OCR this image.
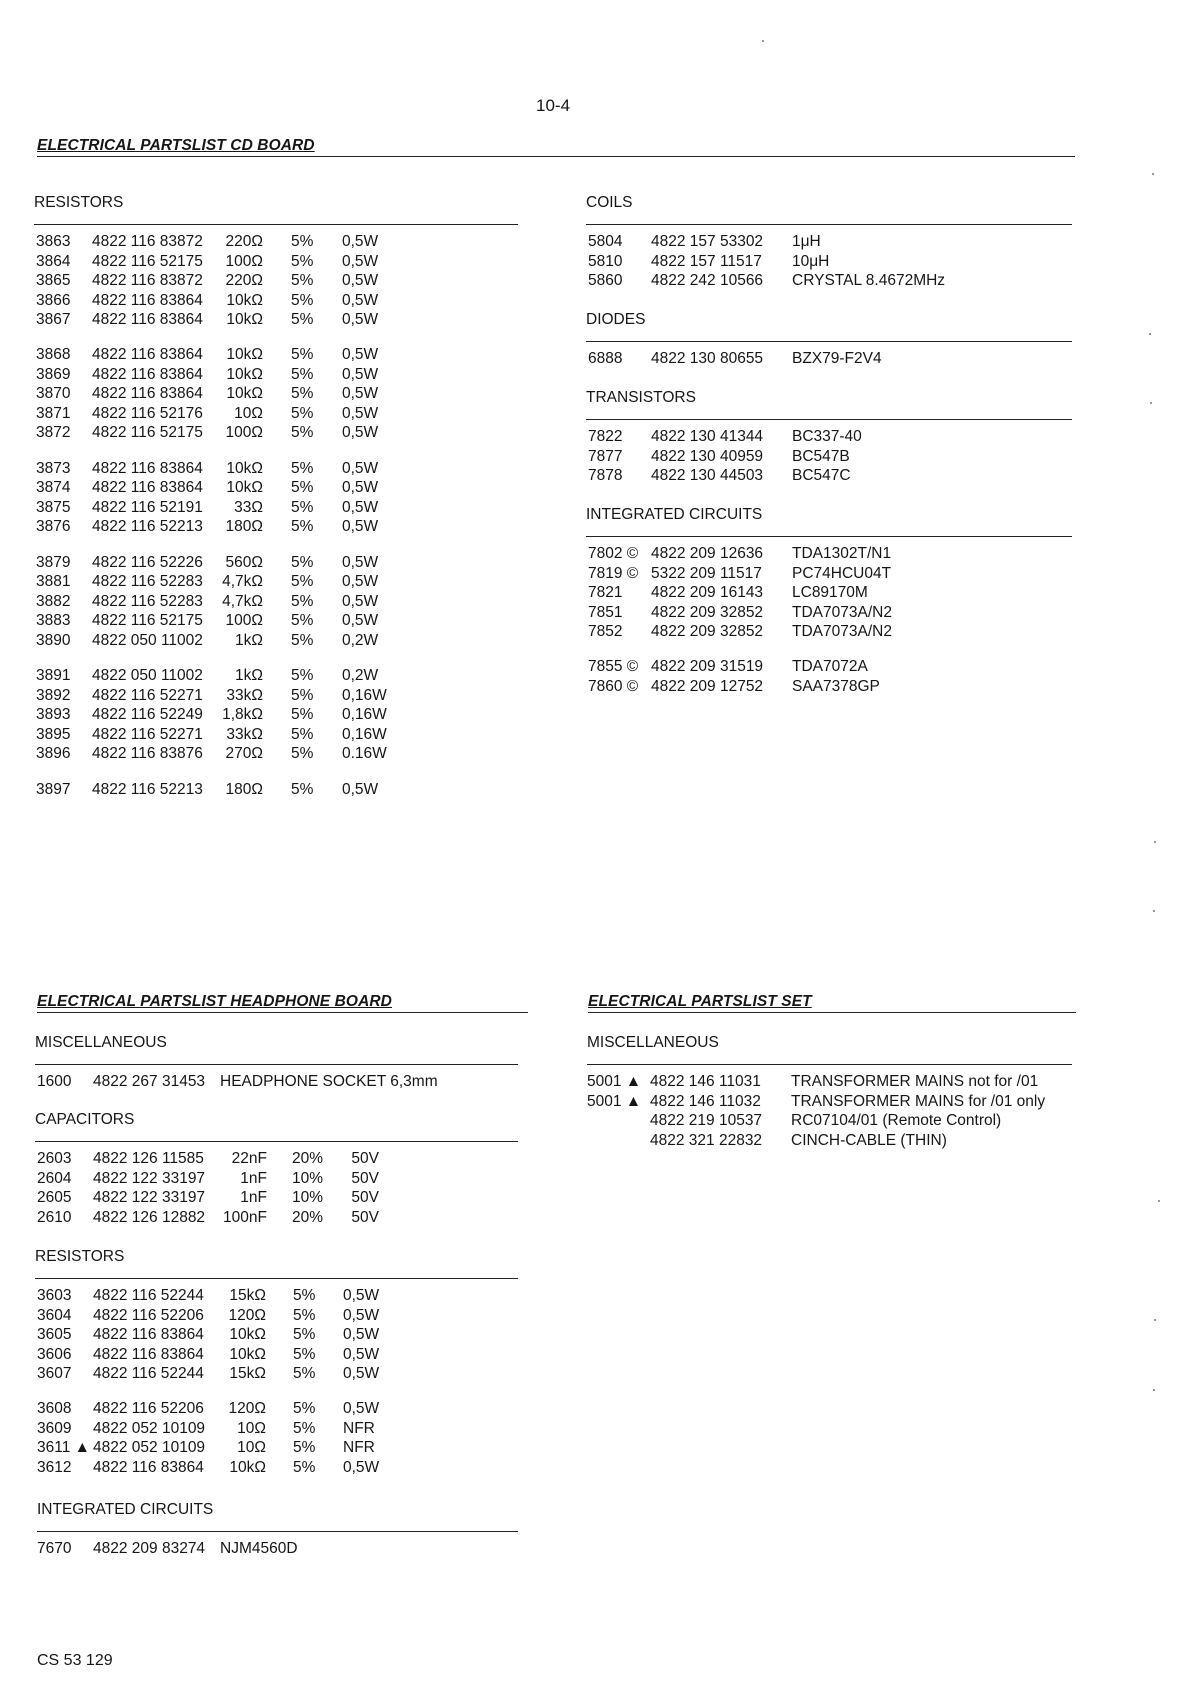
10-4
ELECTRICAL PARTSLIST CD BOARD
RESISTORS
3863 4822 116 83872 220Ω 5% 0,5W
3864 4822 116 52175 100Ω 5% 0,5W
3865 4822 116 83872 220Ω 5% 0,5W
3866 4822 116 83864 10kΩ 5% 0,5W
3867 4822 116 83864 10kΩ 5% 0,5W
3868 4822 116 83864 10kΩ 5% 0,5W
3869 4822 116 83864 10kΩ 5% 0,5W
3870 4822 116 83864 10kΩ 5% 0,5W
3871 4822 116 52176 10Ω 5% 0,5W
3872 4822 116 52175 100Ω 5% 0,5W
3873 4822 116 83864 10kΩ 5% 0,5W
3874 4822 116 83864 10kΩ 5% 0,5W
3875 4822 116 52191 33Ω 5% 0,5W
3876 4822 116 52213 180Ω 5% 0,5W
3879 4822 116 52226 560Ω 5% 0,5W
3881 4822 116 52283 4,7kΩ 5% 0,5W
3882 4822 116 52283 4,7kΩ 5% 0,5W
3883 4822 116 52175 100Ω 5% 0,5W
3890 4822 050 11002 1kΩ 5% 0,2W
3891 4822 050 11002 1kΩ 5% 0,2W
3892 4822 116 52271 33kΩ 5% 0,16W
3893 4822 116 52249 1,8kΩ 5% 0,16W
3895 4822 116 52271 33kΩ 5% 0,16W
3896 4822 116 83876 270Ω 5% 0.16W
3897 4822 116 52213 180Ω 5% 0,5W
COILS
5804 4822 157 53302 1μH
5810 4822 157 11517 10μH
5860 4822 242 10566 CRYSTAL 8.4672MHz
DIODES
6888 4822 130 80655 BZX79-F2V4
TRANSISTORS
7822 4822 130 41344 BC337-40
7877 4822 130 40959 BC547B
7878 4822 130 44503 BC547C
INTEGRATED CIRCUITS
7802 © 4822 209 12636 TDA1302T/N1
7819 © 5322 209 11517 PC74HCU04T
7821 4822 209 16143 LC89170M
7851 4822 209 32852 TDA7073A/N2
7852 4822 209 32852 TDA7073A/N2
7855 © 4822 209 31519 TDA7072A
7860 © 4822 209 12752 SAA7378GP
ELECTRICAL PARTSLIST HEADPHONE BOARD
MISCELLANEOUS
1600 4822 267 31453 HEADPHONE SOCKET 6,3mm
CAPACITORS
2603 4822 126 11585 22nF 20% 50V
2604 4822 122 33197 1nF 10% 50V
2605 4822 122 33197 1nF 10% 50V
2610 4822 126 12882 100nF 20% 50V
RESISTORS
3603 4822 116 52244 15kΩ 5% 0,5W
3604 4822 116 52206 120Ω 5% 0,5W
3605 4822 116 83864 10kΩ 5% 0,5W
3606 4822 116 83864 10kΩ 5% 0,5W
3607 4822 116 52244 15kΩ 5% 0,5W
3608 4822 116 52206 120Ω 5% 0,5W
3609 4822 052 10109 10Ω 5% NFR
3611 ▲ 4822 052 10109 10Ω 5% NFR
3612 4822 116 83864 10kΩ 5% 0,5W
INTEGRATED CIRCUITS
7670 4822 209 83274 NJM4560D
ELECTRICAL PARTSLIST SET
MISCELLANEOUS
5001 ▲ 4822 146 11031 TRANSFORMER MAINS not for /01
5001 ▲ 4822 146 11032 TRANSFORMER MAINS for /01 only
4822 219 10537 RC07104/01 (Remote Control)
4822 321 22832 CINCH-CABLE (THIN)
CS 53 129
